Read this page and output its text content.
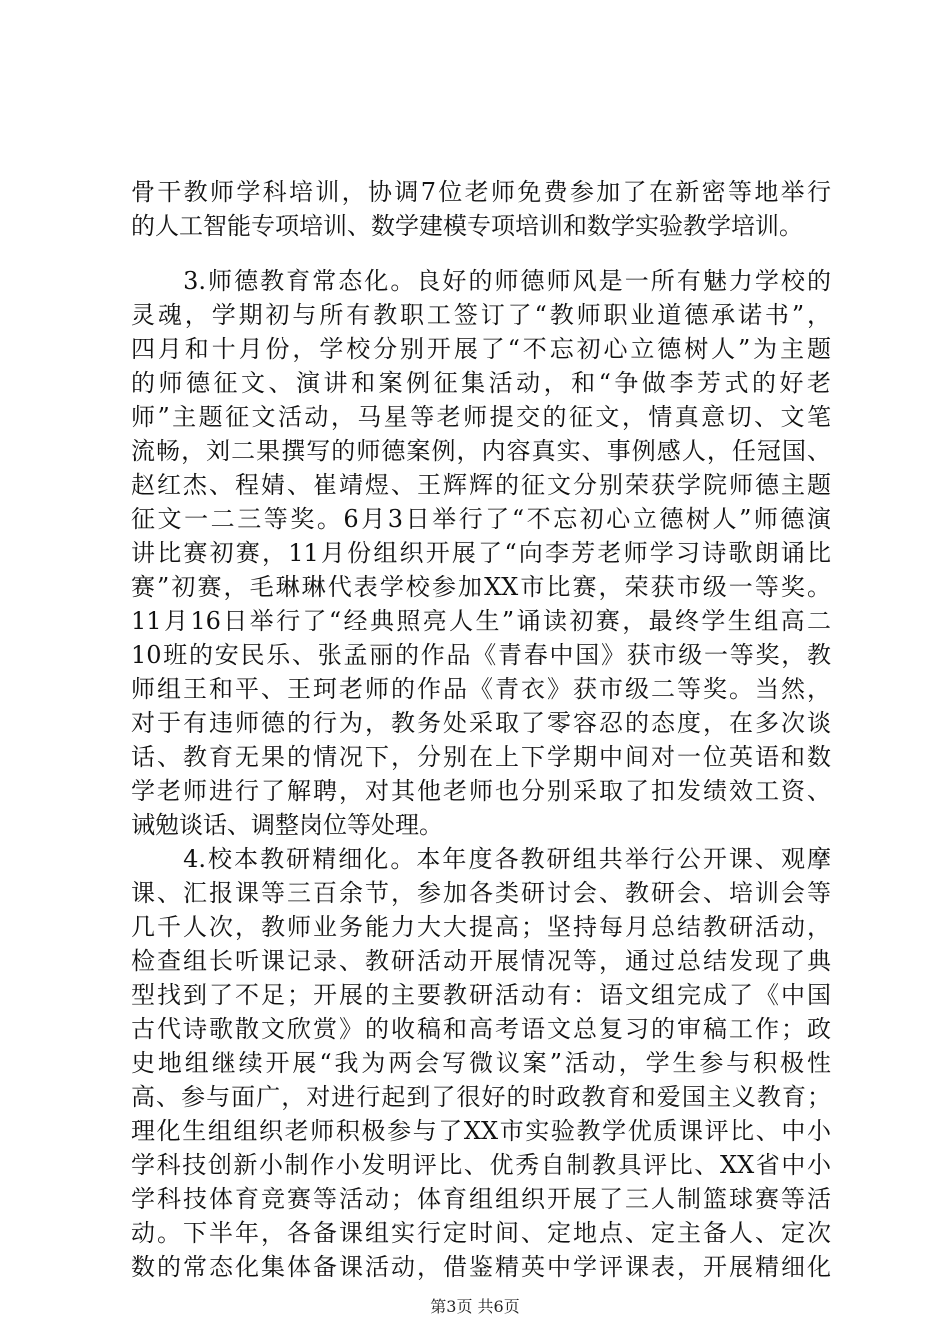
骨干教师学科培训，协调7位老师免费参加了在新密等地举行
的人工智能专项培训、数学建模专项培训和数学实验教学培训。
　　3.师德教育常态化。良好的师德师风是一所有魅力学校的
灵魂，学期初与所有教职工签订了“教师职业道德承诺书”，
四月和十月份，学校分别开展了“不忘初心立德树人”为主题
的师德征文、演讲和案例征集活动，和“争做李芳式的好老
师”主题征文活动，马星等老师提交的征文，情真意切、文笔
流畅，刘二果撰写的师德案例，内容真实、事例感人，任冠国、
赵红杰、程婧、崔靖煜、王辉辉的征文分别荣获学院师德主题
征文一二三等奖。6月3日举行了“不忘初心立德树人”师德演
讲比赛初赛，11月份组织开展了“向李芳老师学习诗歌朗诵比
赛”初赛，毛琳琳代表学校参加XX市比赛，荣获市级一等奖。
11月16日举行了“经典照亮人生”诵读初赛，最终学生组高二
10班的安民乐、张孟丽的作品《青春中国》获市级一等奖，教
师组王和平、王珂老师的作品《青衣》获市级二等奖。当然，
对于有违师德的行为，教务处采取了零容忍的态度，在多次谈
话、教育无果的情况下，分别在上下学期中间对一位英语和数
学老师进行了解聘，对其他老师也分别采取了扣发绩效工资、
诫勉谈话、调整岗位等处理。
　　4.校本教研精细化。本年度各教研组共举行公开课、观摩
课、汇报课等三百余节，参加各类研讨会、教研会、培训会等
几千人次，教师业务能力大大提高；坚持每月总结教研活动，
检查组长听课记录、教研活动开展情况等，通过总结发现了典
型找到了不足；开展的主要教研活动有：语文组完成了《中国
古代诗歌散文欣赏》的收稿和高考语文总复习的审稿工作；政
史地组继续开展“我为两会写微议案”活动，学生参与积极性
高、参与面广，对进行起到了很好的时政教育和爱国主义教育；
理化生组组织老师积极参与了XX市实验教学优质课评比、中小
学科技创新小制作小发明评比、优秀自制教具评比、XX省中小
学科技体育竞赛等活动；体育组组织开展了三人制篮球赛等活
动。下半年，各备课组实行定时间、定地点、定主备人、定次
数的常态化集体备课活动，借鉴精英中学评课表，开展精细化
第3页 共6页
